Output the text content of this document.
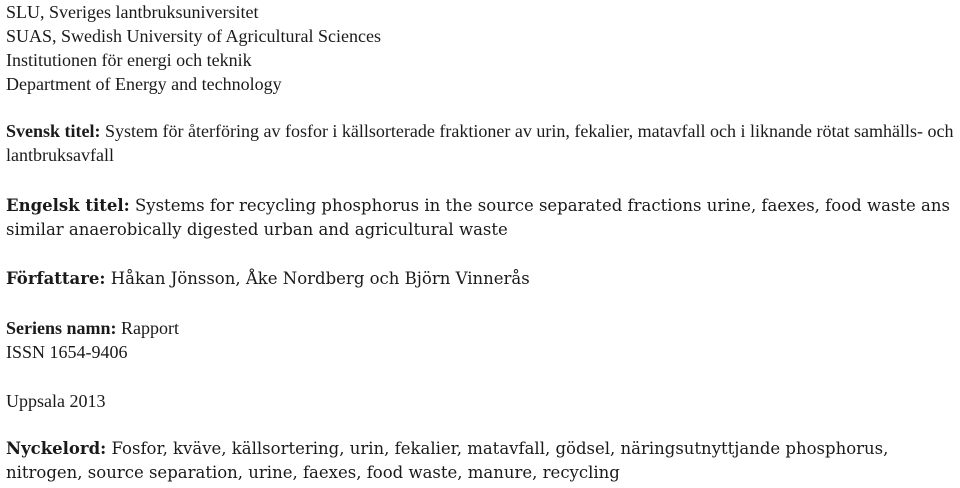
SLU, Sveriges lantbruksuniversitet
SUAS, Swedish University of Agricultural Sciences
Institutionen för energi och teknik
Department of Energy and technology
Svensk titel: System för återföring av fosfor i källsorterade fraktioner av urin, fekalier, matavfall och i liknande rötat samhälls- och lantbruksavfall
Engelsk titel: Systems for recycling phosphorus in the source separated fractions urine, faexes, food waste ans similar anaerobically digested urban and agricultural waste
Författare: Håkan Jönsson, Åke Nordberg och Björn Vinnerås
Seriens namn: Rapport
ISSN 1654-9406
Uppsala 2013
Nyckelord: Fosfor, kväve, källsortering, urin, fekalier, matavfall, gödsel, näringsutnyttjande phosphorus, nitrogen, source separation, urine, faexes, food waste, manure, recycling
